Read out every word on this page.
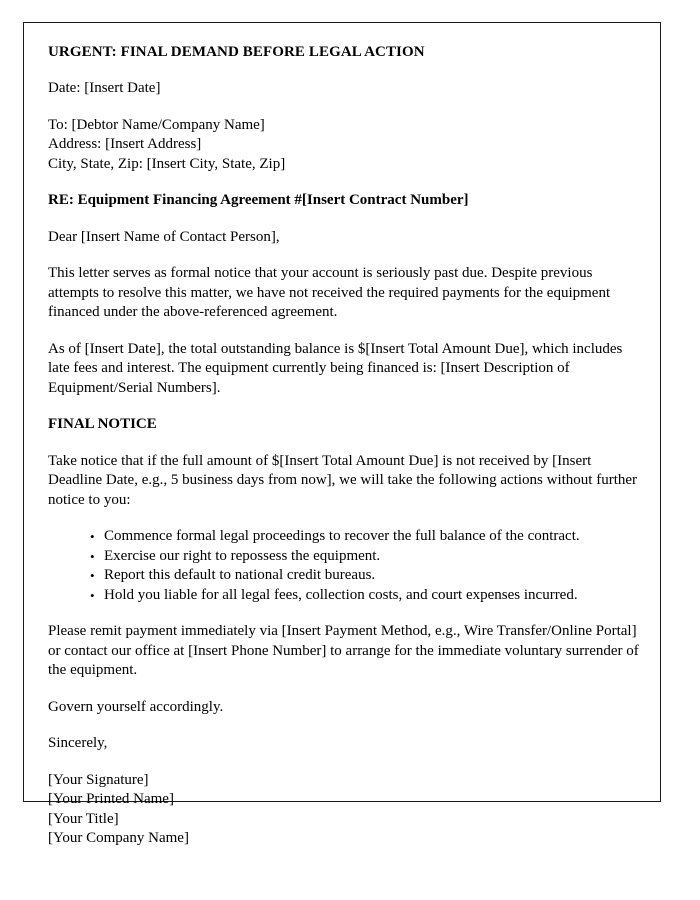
URGENT: FINAL DEMAND BEFORE LEGAL ACTION
Date: [Insert Date]
To: [Debtor Name/Company Name]
Address: [Insert Address]
City, State, Zip: [Insert City, State, Zip]
RE: Equipment Financing Agreement #[Insert Contract Number]
Dear [Insert Name of Contact Person],
This letter serves as formal notice that your account is seriously past due. Despite previous attempts to resolve this matter, we have not received the required payments for the equipment financed under the above-referenced agreement.
As of [Insert Date], the total outstanding balance is $[Insert Total Amount Due], which includes late fees and interest. The equipment currently being financed is: [Insert Description of Equipment/Serial Numbers].
FINAL NOTICE
Take notice that if the full amount of $[Insert Total Amount Due] is not received by [Insert Deadline Date, e.g., 5 business days from now], we will take the following actions without further notice to you:
• Commence formal legal proceedings to recover the full balance of the contract.
• Exercise our right to repossess the equipment.
• Report this default to national credit bureaus.
• Hold you liable for all legal fees, collection costs, and court expenses incurred.
Please remit payment immediately via [Insert Payment Method, e.g., Wire Transfer/Online Portal] or contact our office at [Insert Phone Number] to arrange for the immediate voluntary surrender of the equipment.
Govern yourself accordingly.
Sincerely,
[Your Signature]
[Your Printed Name]
[Your Title]
[Your Company Name]
